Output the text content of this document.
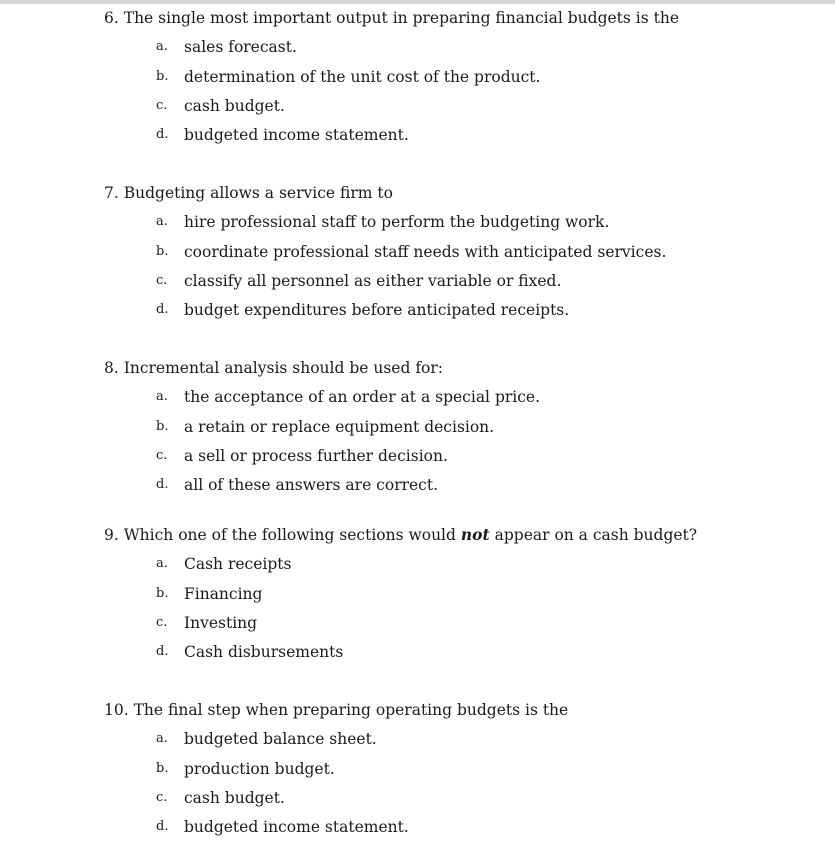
6. The single most important output in preparing financial budgets is the
a. sales forecast.
b. determination of the unit cost of the product.
c. cash budget.
d. budgeted income statement.
7. Budgeting allows a service firm to
a. hire professional staff to perform the budgeting work.
b. coordinate professional staff needs with anticipated services.
c. classify all personnel as either variable or fixed.
d. budget expenditures before anticipated receipts.
8. Incremental analysis should be used for:
a. the acceptance of an order at a special price.
b. a retain or replace equipment decision.
c. a sell or process further decision.
d. all of these answers are correct.
9. Which one of the following sections would not appear on a cash budget?
a. Cash receipts
b. Financing
c. Investing
d. Cash disbursements
10. The final step when preparing operating budgets is the
a. budgeted balance sheet.
b. production budget.
c. cash budget.
d. budgeted income statement.
